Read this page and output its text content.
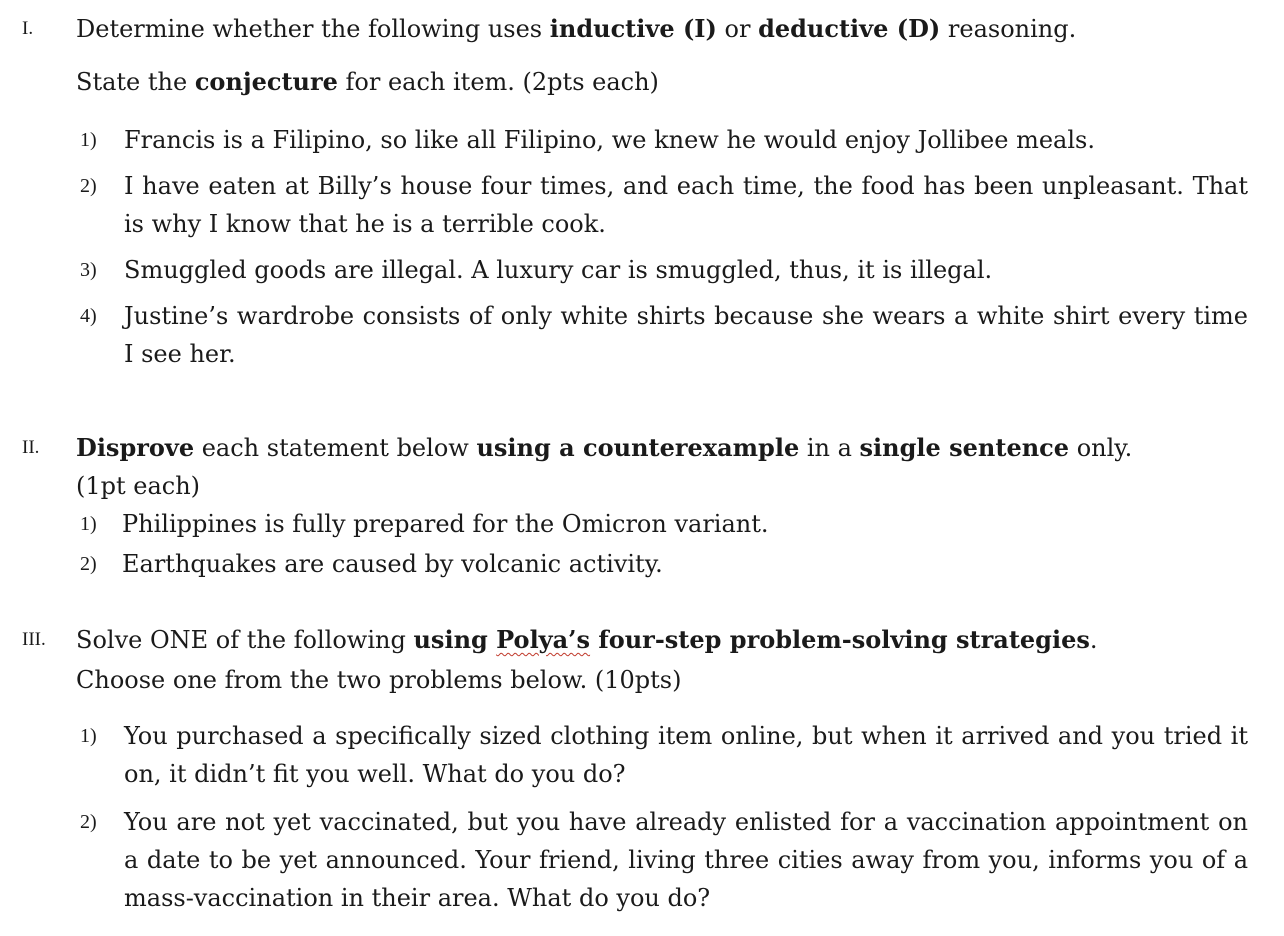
I. Determine whether the following uses inductive (I) or deductive (D) reasoning.
State the conjecture for each item. (2pts each)
1) Francis is a Filipino, so like all Filipino, we knew he would enjoy Jollibee meals.
2) I have eaten at Billy’s house four times, and each time, the food has been unpleasant. That is why I know that he is a terrible cook.
3) Smuggled goods are illegal. A luxury car is smuggled, thus, it is illegal.
4) Justine’s wardrobe consists of only white shirts because she wears a white shirt every time I see her.
II. Disprove each statement below using a counterexample in a single sentence only.
(1pt each)
1) Philippines is fully prepared for the Omicron variant.
2) Earthquakes are caused by volcanic activity.
III. Solve ONE of the following using Polya’s four-step problem-solving strategies.
Choose one from the two problems below. (10pts)
1) You purchased a specifically sized clothing item online, but when it arrived and you tried it on, it didn’t fit you well. What do you do?
2) You are not yet vaccinated, but you have already enlisted for a vaccination appointment on a date to be yet announced. Your friend, living three cities away from you, informs you of a mass-vaccination in their area. What do you do?
